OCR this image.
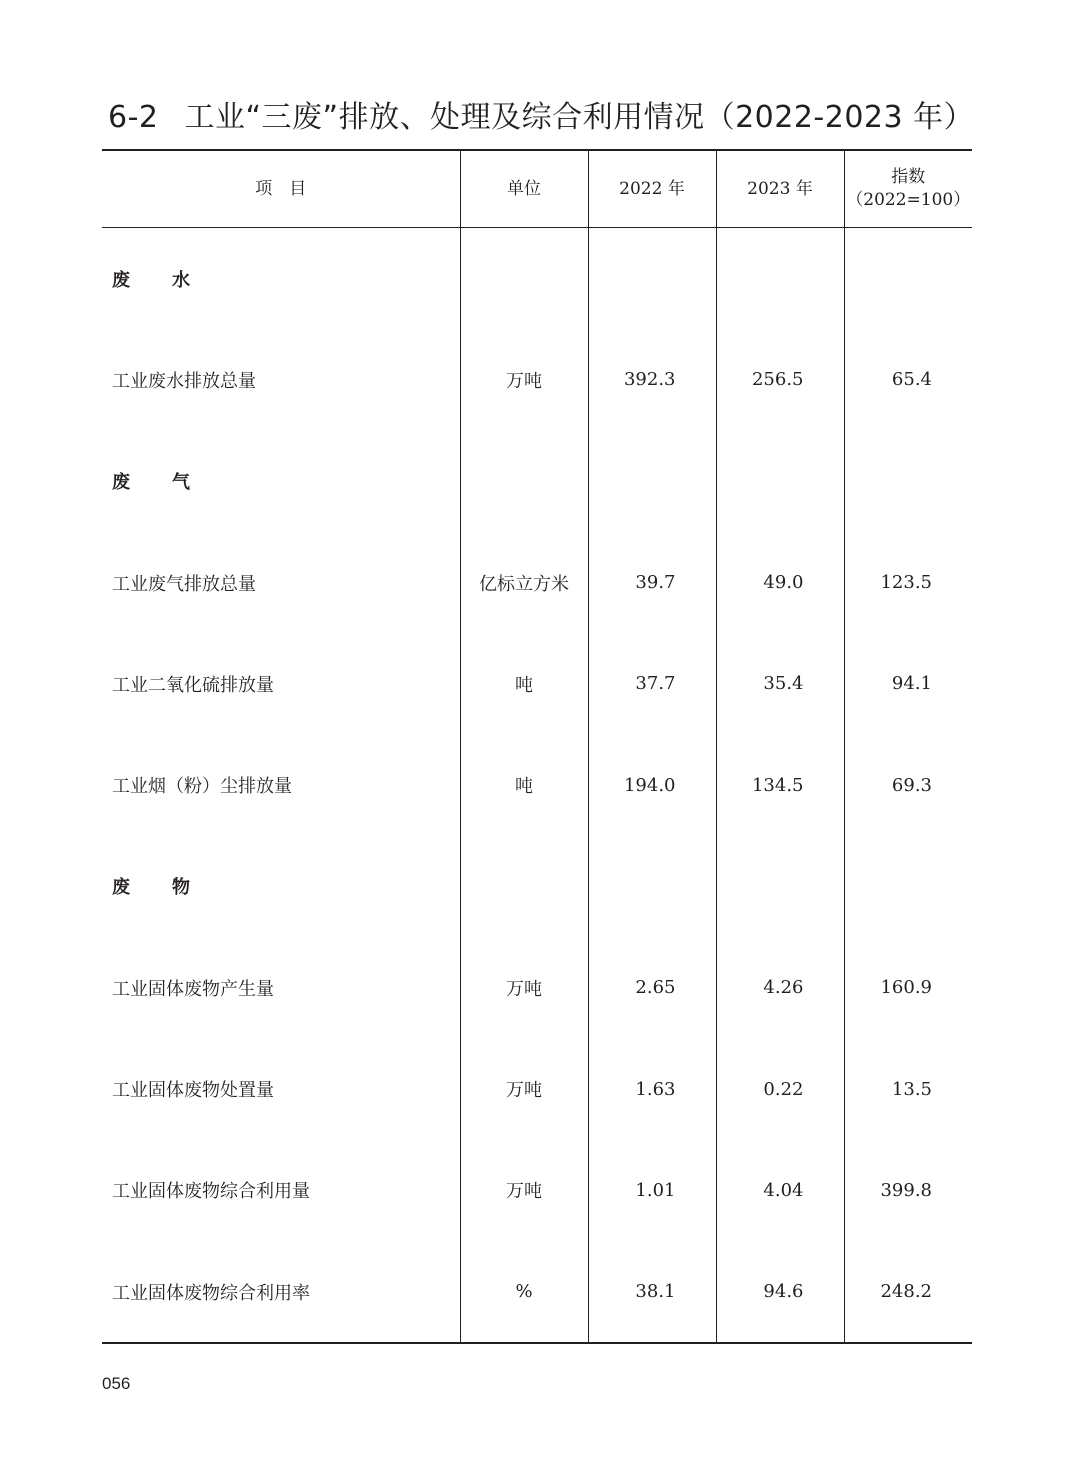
6-2 工业“三废”排放、处理及综合利用情况（2022-2023 年）
项　目	单位	2022 年	2023 年	指数
（2022=100）

废 水				
工业废水排放总量	万吨	392.3	256.5	65.4
废 气				
工业废气排放总量	亿标立方米	39.7	49.0	123.5
工业二氧化硫排放量	吨	37.7	35.4	94.1
工业烟（粉）尘排放量	吨	194.0	134.5	69.3
废 物				
工业固体废物产生量	万吨	2.65	4.26	160.9
工业固体废物处置量	万吨	1.63	0.22	13.5
工业固体废物综合利用量	万吨	1.01	4.04	399.8
工业固体废物综合利用率	%	38.1	94.6	248.2
056
